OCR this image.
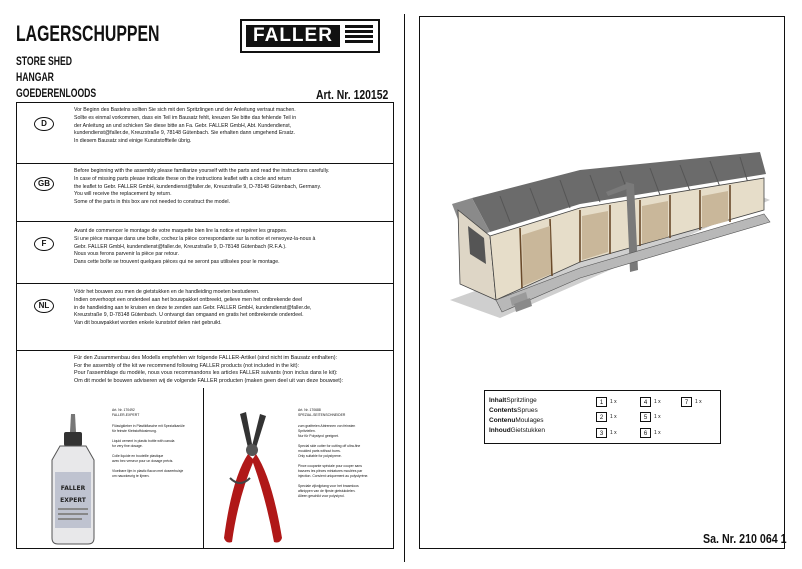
LAGERSCHUPPEN
STORE SHED
HANGAR
GOEDERENLOODS
FALLER
Art. Nr. 120152
D
Vor Beginn des Bastelns sollten Sie sich mit den Spritzlingen und der Anleitung vertraut machen.
Sollte es einmal vorkommen, dass ein Teil im Bausatz fehlt, kreuzen Sie bitte das fehlende Teil in
der Anleitung an und schicken Sie diese bitte an Fa. Gebr. FALLER GmbH, Abt. Kundendienst,
kundendienst@faller.de, Kreuzstraße 9, 78148 Gütenbach. Sie erhalten dann umgehend Ersatz.
In diesem Bausatz sind einige Kunststoffteile übrig.
GB
Before beginning with the assembly please familiarize yourself with the parts and read the instructions carefully.
In case of missing parts please indicate these on the instructions leaflet with a circle and return
the leaflet to Gebr. FALLER GmbH, kundendienst@faller.de, Kreuzstraße 9, D-78148 Gütenbach, Germany.
You will receive the replacement by return.
Some of the parts in this box are not needed to construct the model.
F
Avant de commencer le montage de votre maquette bien lire la notice et repérer les grappes.
Si une pièce manque dans une boîte, cochez la pièce correspondante sur la notice et renvoyez-la-nous à
Gebr. FALLER GmbH, kundendienst@faller.de, Kreuzstraße 9, D-78148 Gütenbach (R.F.A.).
Nous vous ferons parvenir la pièce par retour.
Dans cette boîte se trouvent quelques pièces qui ne seront pas utilisées pour le montage.
NL
Vóór het bouwen zou men de gietstukken en de handleiding moeten bestuderen.
Indien onverhoopt een onderdeel aan het bouwpakket ontbreekt, gelieve men het ontbrekende deel
in de handleiding aan te kruisen en deze te zenden aan Gebr. FALLER GmbH, kundendienst@faller.de,
Kreuzstraße 9, D-78148 Gütenbach. U ontvangt dan omgaand en gratis het ontbrekende onderdeel.
Van dit bouwpakket worden enkele kunststof delen niet gebruikt.
Für den Zusammenbau des Modells empfehlen wir folgende FALLER-Artikel (sind nicht im Bausatz enthalten):
For the assembly of the kit we recommend following FALLER products (not included in the kit):
Pour l'assemblage du modèle, nous vous recommandons les articles FALLER suivants (non inclus dans le kit):
Om dit model te bouwen adviseren wij de volgende FALLER producten (maken geen deel uit van deze bouwset):
Art. Nr. 170492
FALLER-EXPERT
Flüssigkleber in Plastikflasche mit Spezialkanüle
für feinste Klebstoffdosierung.

Liquid cement in plastic bottle with canula
for very fine dosage.

Colle liquide en bouteille plastique
avec bec verseur pour un dosage précis.

Vloeibare lijm in plastic flacon met doseerbuisje
om nauwkeurig te lijmen.
FALLER
EXPERT
Art. Nr. 170688
SPEZIAL-SEITENSCHNEIDER
zum gratfreien Abtrennen von feinsten
Spritzteilen.
Nur für Polystyrol geeignet.

Special side cutter for cutting off ultra-fine
moulded parts without burrs.
Only suitable for polystyrene.

Pince coupante spéciale pour couper sans
bavures les pièces miniatures moulées par
injection. Convient uniquement au polystyrène.

Speciale zijknijptang voor het braamloos
afknippen van de fijnste gietstukdelen.
Alleen geschikt voor polystyrol.
InhaltSpritzlinge
ContentsSprues
ContenuMoulages
InhoudGietstukken
1	1 x	4	1 x	7	1 x
2	1 x	5	1 x
3	1 x	6	1 x
Sa. Nr. 210 064 1
